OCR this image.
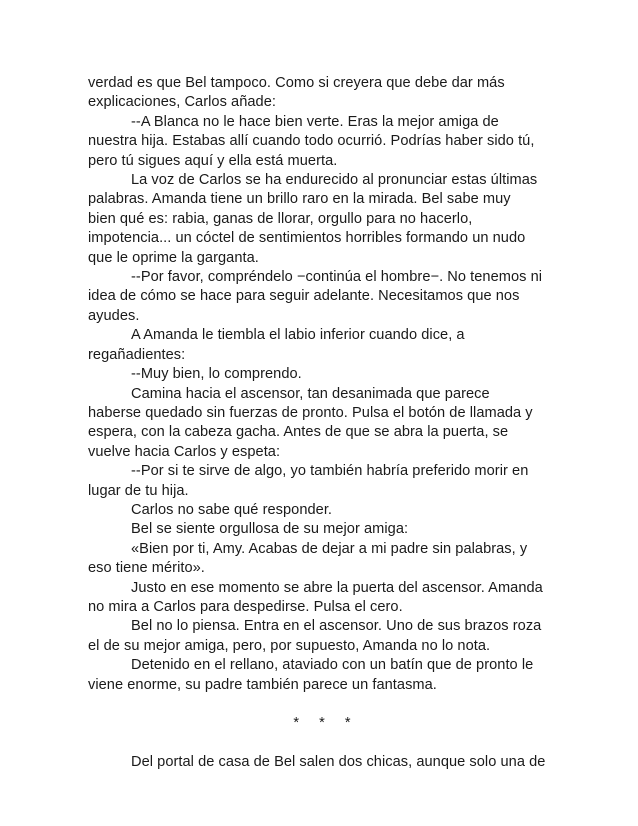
verdad es que Bel tampoco. Como si creyera que debe dar más
explicaciones, Carlos añade:
--A Blanca no le hace bien verte. Eras la mejor amiga de
nuestra hija. Estabas allí cuando todo ocurrió. Podrías haber sido tú,
pero tú sigues aquí y ella está muerta.
La voz de Carlos se ha endurecido al pronunciar estas últimas
palabras. Amanda tiene un brillo raro en la mirada. Bel sabe muy
bien qué es: rabia, ganas de llorar, orgullo para no hacerlo,
impotencia... un cóctel de sentimientos horribles formando un nudo
que le oprime la garganta.
--Por favor, compréndelo −continúa el hombre−. No tenemos ni
idea de cómo se hace para seguir adelante. Necesitamos que nos
ayudes.
A Amanda le tiembla el labio inferior cuando dice, a
regañadientes:
--Muy bien, lo comprendo.
Camina hacia el ascensor, tan desanimada que parece
haberse quedado sin fuerzas de pronto. Pulsa el botón de llamada y
espera, con la cabeza gacha. Antes de que se abra la puerta, se
vuelve hacia Carlos y espeta:
--Por si te sirve de algo, yo también habría preferido morir en
lugar de tu hija.
Carlos no sabe qué responder.
Bel se siente orgullosa de su mejor amiga:
«Bien por ti, Amy. Acabas de dejar a mi padre sin palabras, y
eso tiene mérito».
Justo en ese momento se abre la puerta del ascensor. Amanda
no mira a Carlos para despedirse. Pulsa el cero.
Bel no lo piensa. Entra en el ascensor. Uno de sus brazos roza
el de su mejor amiga, pero, por supuesto, Amanda no lo nota.
Detenido en el rellano, ataviado con un batín que de pronto le
viene enorme, su padre también parece un fantasma.
* * *
Del portal de casa de Bel salen dos chicas, aunque solo una de
